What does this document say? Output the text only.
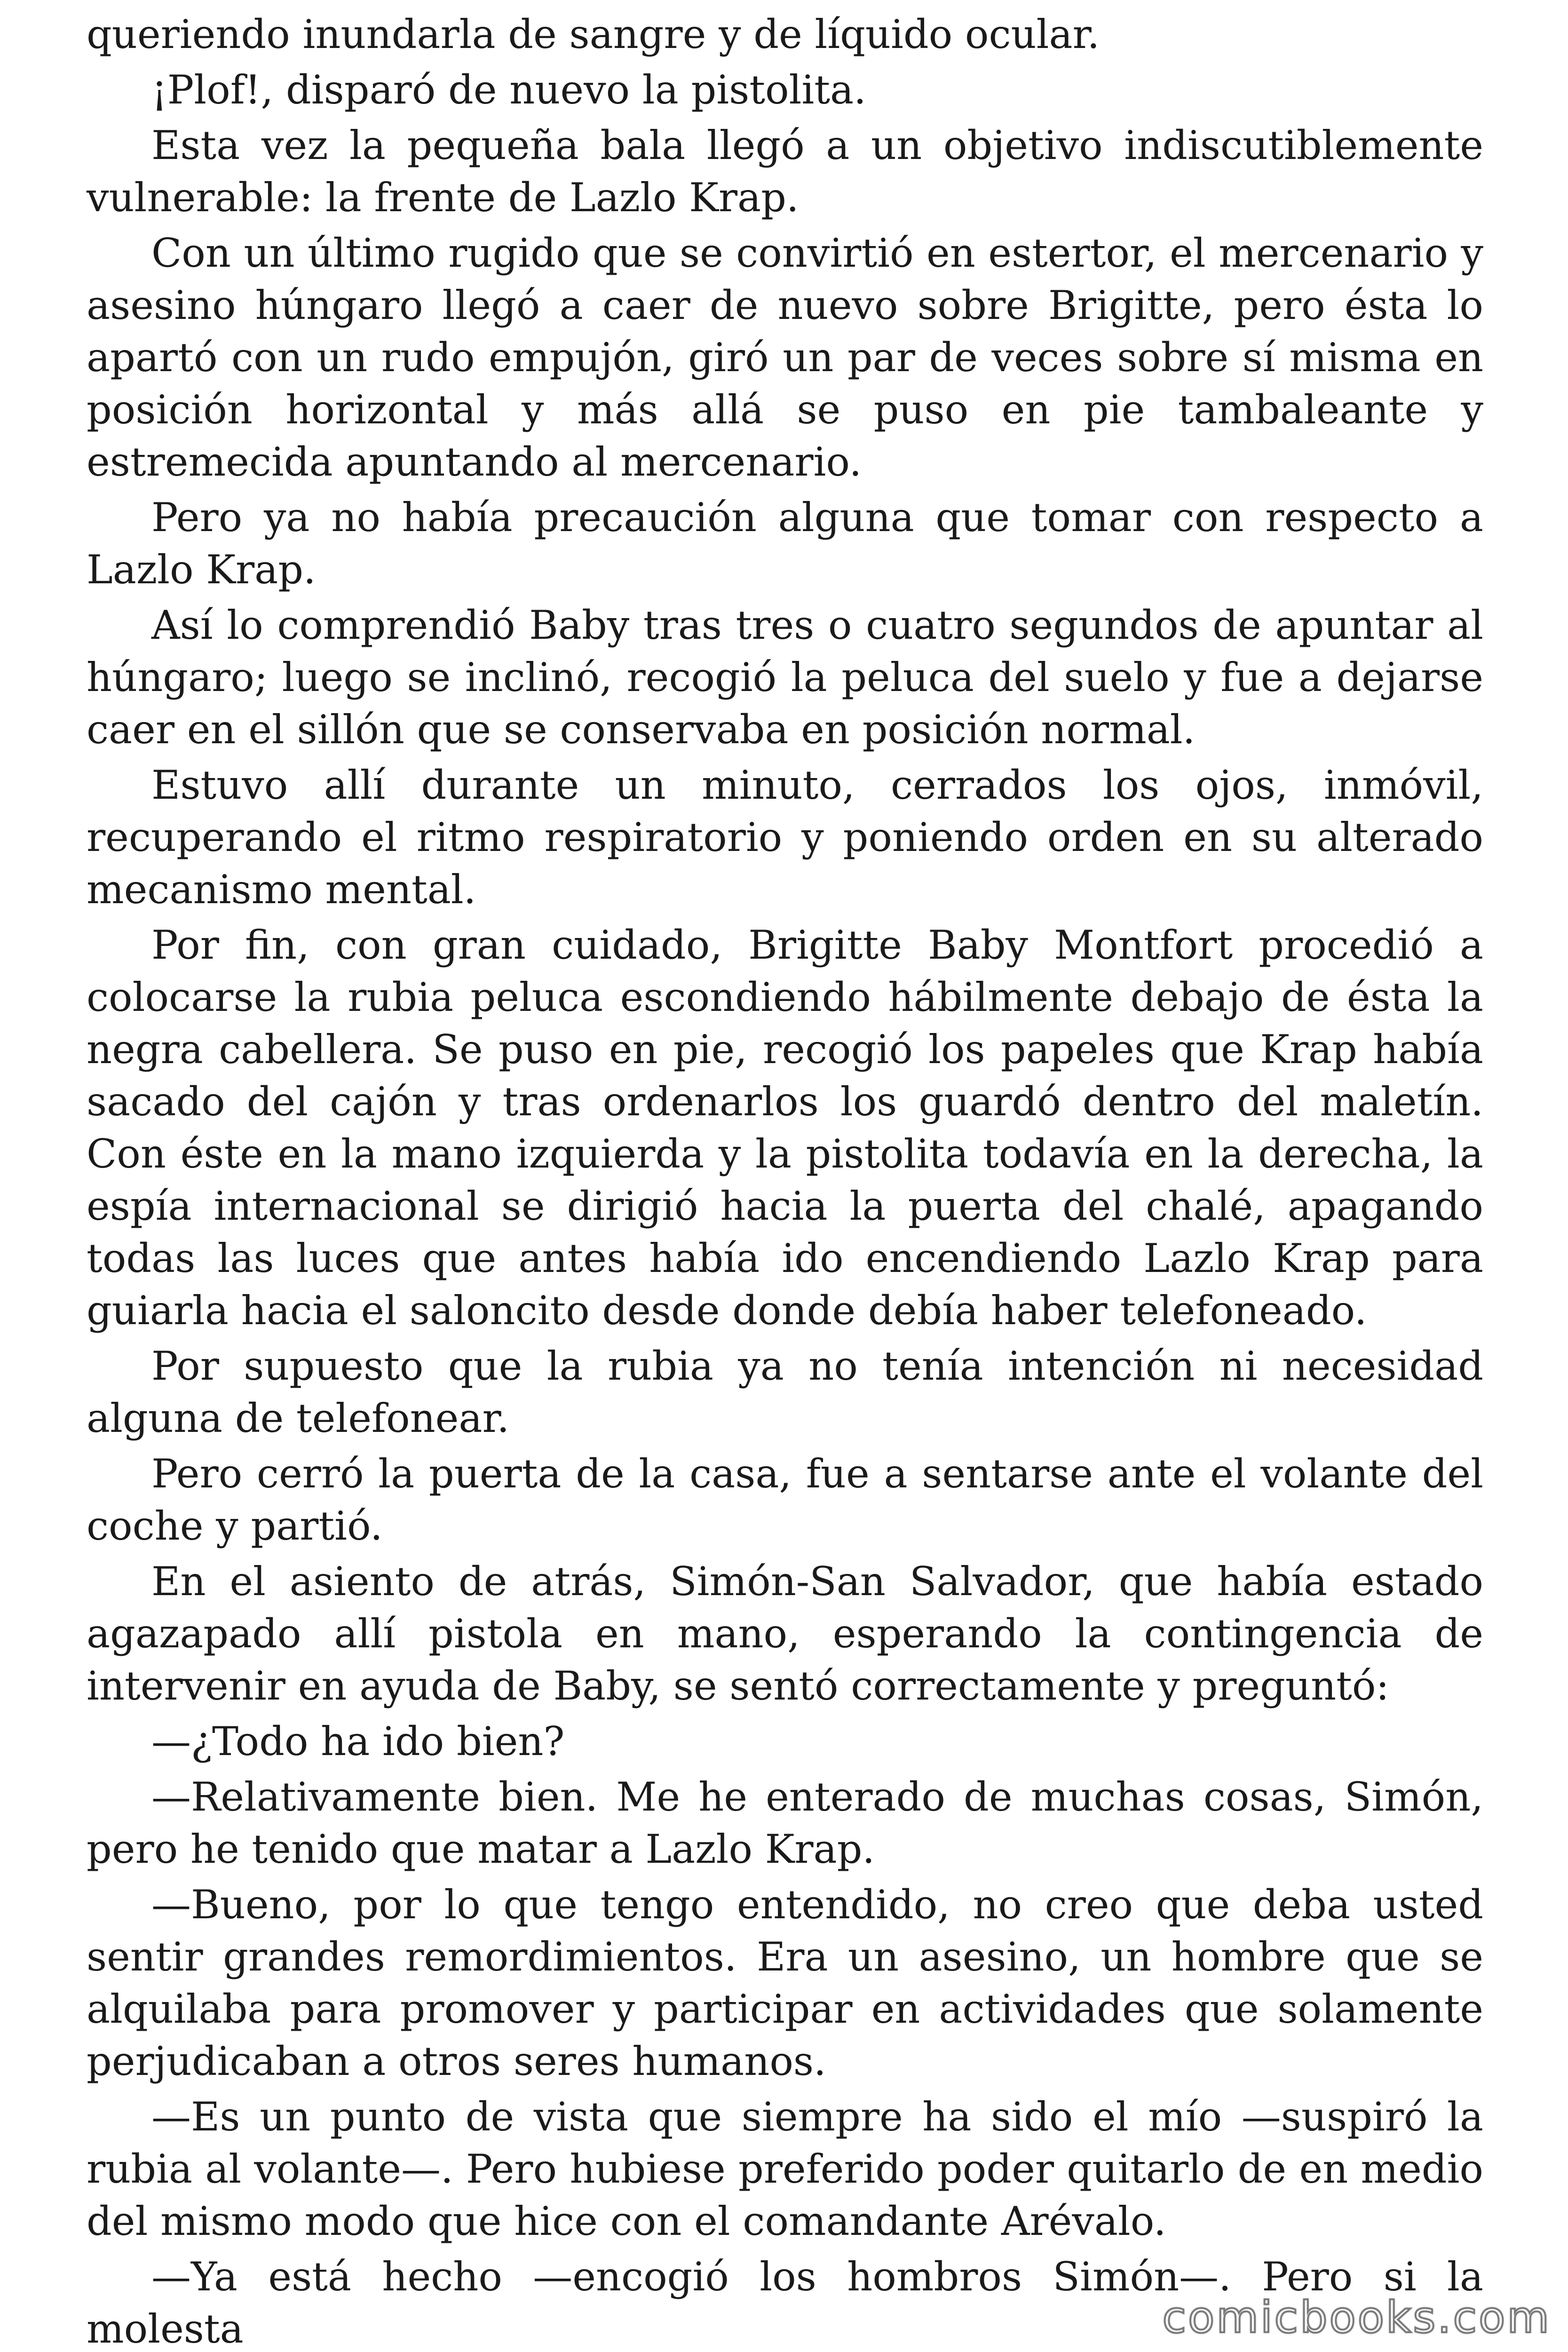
queriendo inundarla de sangre y de líquido ocular.

¡Plof!, disparó de nuevo la pistolita.

Esta vez la pequeña bala llegó a un objetivo indiscutiblemente vulnerable: la frente de Lazlo Krap.

Con un último rugido que se convirtió en estertor, el mercenario y asesino húngaro llegó a caer de nuevo sobre Brigitte, pero ésta lo apartó con un rudo empujón, giró un par de veces sobre sí misma en posición horizontal y más allá se puso en pie tambaleante y estremecida apuntando al mercenario.

Pero ya no había precaución alguna que tomar con respecto a Lazlo Krap.

Así lo comprendió Baby tras tres o cuatro segundos de apuntar al húngaro; luego se inclinó, recogió la peluca del suelo y fue a dejarse caer en el sillón que se conservaba en posición normal.

Estuvo allí durante un minuto, cerrados los ojos, inmóvil, recuperando el ritmo respiratorio y poniendo orden en su alterado mecanismo mental.

Por fin, con gran cuidado, Brigitte Baby Montfort procedió a colocarse la rubia peluca escondiendo hábilmente debajo de ésta la negra cabellera. Se puso en pie, recogió los papeles que Krap había sacado del cajón y tras ordenarlos los guardó dentro del maletín. Con éste en la mano izquierda y la pistolita todavía en la derecha, la espía internacional se dirigió hacia la puerta del chalé, apagando todas las luces que antes había ido encendiendo Lazlo Krap para guiarla hacia el saloncito desde donde debía haber telefoneado.

Por supuesto que la rubia ya no tenía intención ni necesidad alguna de telefonear.

Pero cerró la puerta de la casa, fue a sentarse ante el volante del coche y partió.

En el asiento de atrás, Simón-San Salvador, que había estado agazapado allí pistola en mano, esperando la contingencia de intervenir en ayuda de Baby, se sentó correctamente y preguntó:

—¿Todo ha ido bien?

—Relativamente bien. Me he enterado de muchas cosas, Simón, pero he tenido que matar a Lazlo Krap.

—Bueno, por lo que tengo entendido, no creo que deba usted sentir grandes remordimientos. Era un asesino, un hombre que se alquilaba para promover y participar en actividades que solamente perjudicaban a otros seres humanos.

—Es un punto de vista que siempre ha sido el mío —suspiró la rubia al volante—. Pero hubiese preferido poder quitarlo de en medio del mismo modo que hice con el comandante Arévalo.

—Ya está hecho —encogió los hombros Simón—. Pero si la molesta	comicbooks.com
